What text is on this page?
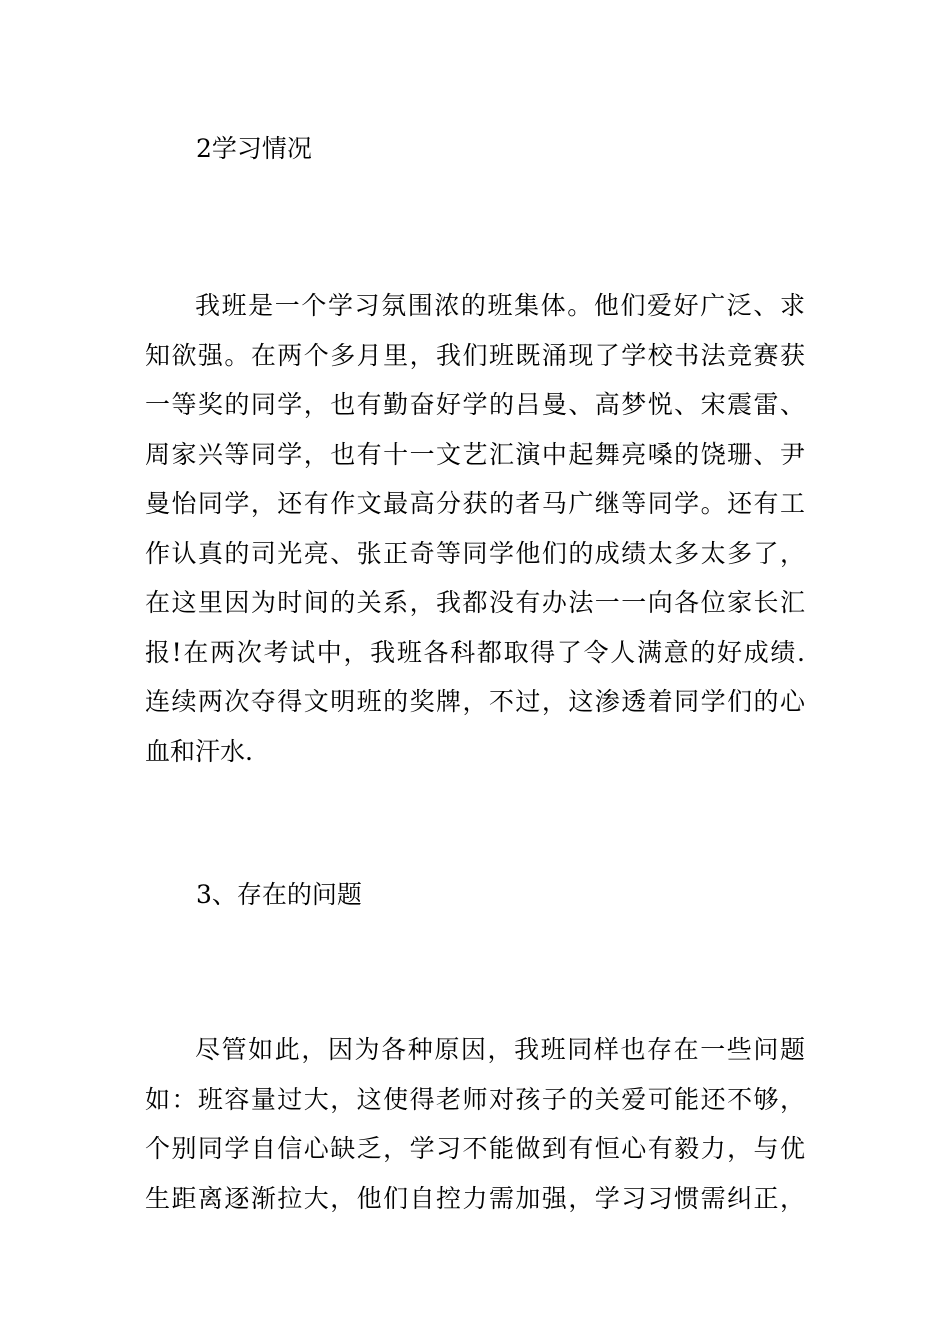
2学习情况
我班是一个学习氛围浓的班集体。他们爱好广泛、求
知欲强。在两个多月里，我们班既涌现了学校书法竞赛获
一等奖的同学，也有勤奋好学的吕曼、高梦悦、宋震雷、
周家兴等同学，也有十一文艺汇演中起舞亮嗓的饶珊、尹
曼怡同学，还有作文最高分获的者马广继等同学。还有工
作认真的司光亮、张正奇等同学他们的成绩太多太多了，
在这里因为时间的关系，我都没有办法一一向各位家长汇
报!在两次考试中，我班各科都取得了令人满意的好成绩.
连续两次夺得文明班的奖牌，不过，这渗透着同学们的心
血和汗水.
3、存在的问题
尽管如此，因为各种原因，我班同样也存在一些问题
如：班容量过大，这使得老师对孩子的关爱可能还不够，
个别同学自信心缺乏，学习不能做到有恒心有毅力，与优
生距离逐渐拉大，他们自控力需加强，学习习惯需纠正，
